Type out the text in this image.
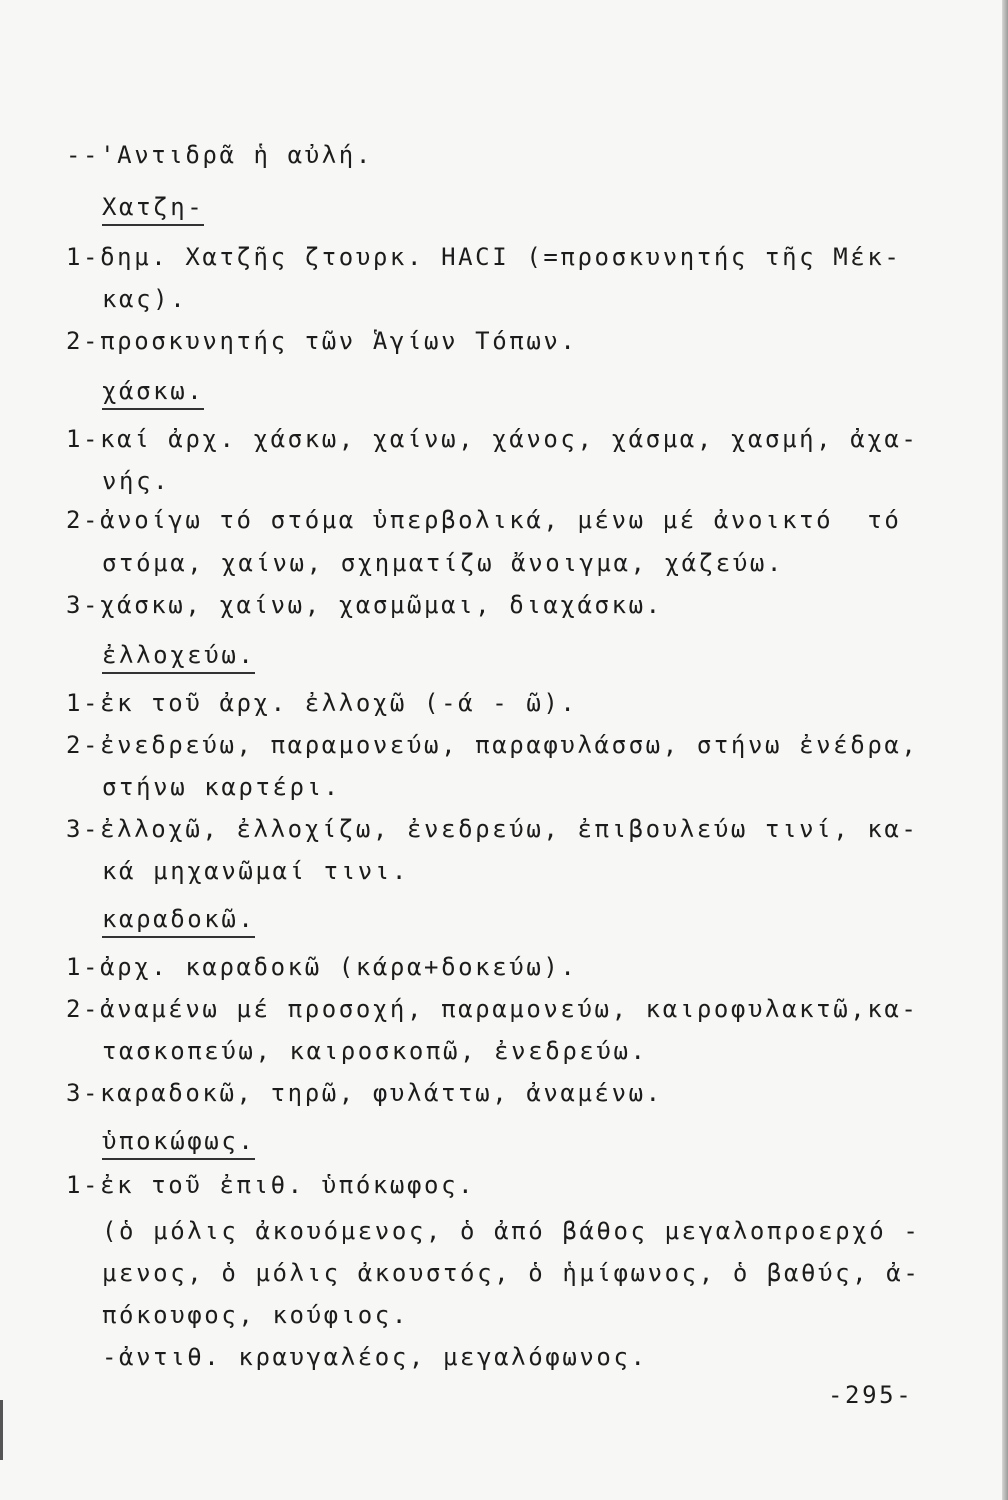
--'Αντιδρᾶ ἡ αὐλή.
Χατζη-
1-δημ. Χατζῆς ζτουρκ. HACI (=προσκυνητής τῆς Μέκ-
κας).
2-προσκυνητής τῶν Ἁγίων Τόπων.
χάσκω.
1-καί ἀρχ. χάσκω, χαίνω, χάνος, χάσμα, χασμή, ἀχα-
νής.
2-ἀνοίγω τό στόμα ὑπερβολικά, μένω μέ ἀνοικτό  τό
στόμα, χαίνω, σχηματίζω ἄνοιγμα, χάζεύω.
3-χάσκω, χαίνω, χασμῶμαι, διαχάσκω.
ἐλλοχεύω.
1-ἐκ τοῦ ἀρχ. ἐλλοχῶ (-ά - ῶ).
2-ἐνεδρεύω, παραμονεύω, παραφυλάσσω, στήνω ἐνέδρα,
στήνω καρτέρι.
3-ἐλλοχῶ, ἐλλοχίζω, ἐνεδρεύω, ἐπιβουλεύω τινί, κα-
κά μηχανῶμαί τινι.
καραδοκῶ.
1-ἀρχ. καραδοκῶ (κάρα+δοκεύω).
2-ἀναμένω μέ προσοχή, παραμονεύω, καιροφυλακτῶ,κα-
τασκοπεύω, καιροσκοπῶ, ἐνεδρεύω.
3-καραδοκῶ, τηρῶ, φυλάττω, ἀναμένω.
ὑποκώφως.
1-ἐκ τοῦ ἐπιθ. ὑπόκωφος.
(ὁ μόλις ἀκουόμενος, ὁ ἀπό βάθος μεγαλοπροερχό -
μενος, ὁ μόλις ἀκουστός, ὁ ἡμίφωνος, ὁ βαθύς, ἀ-
πόκουφος, κούφιος.
-ἀντιθ. κραυγαλέος, μεγαλόφωνος.
-295-
